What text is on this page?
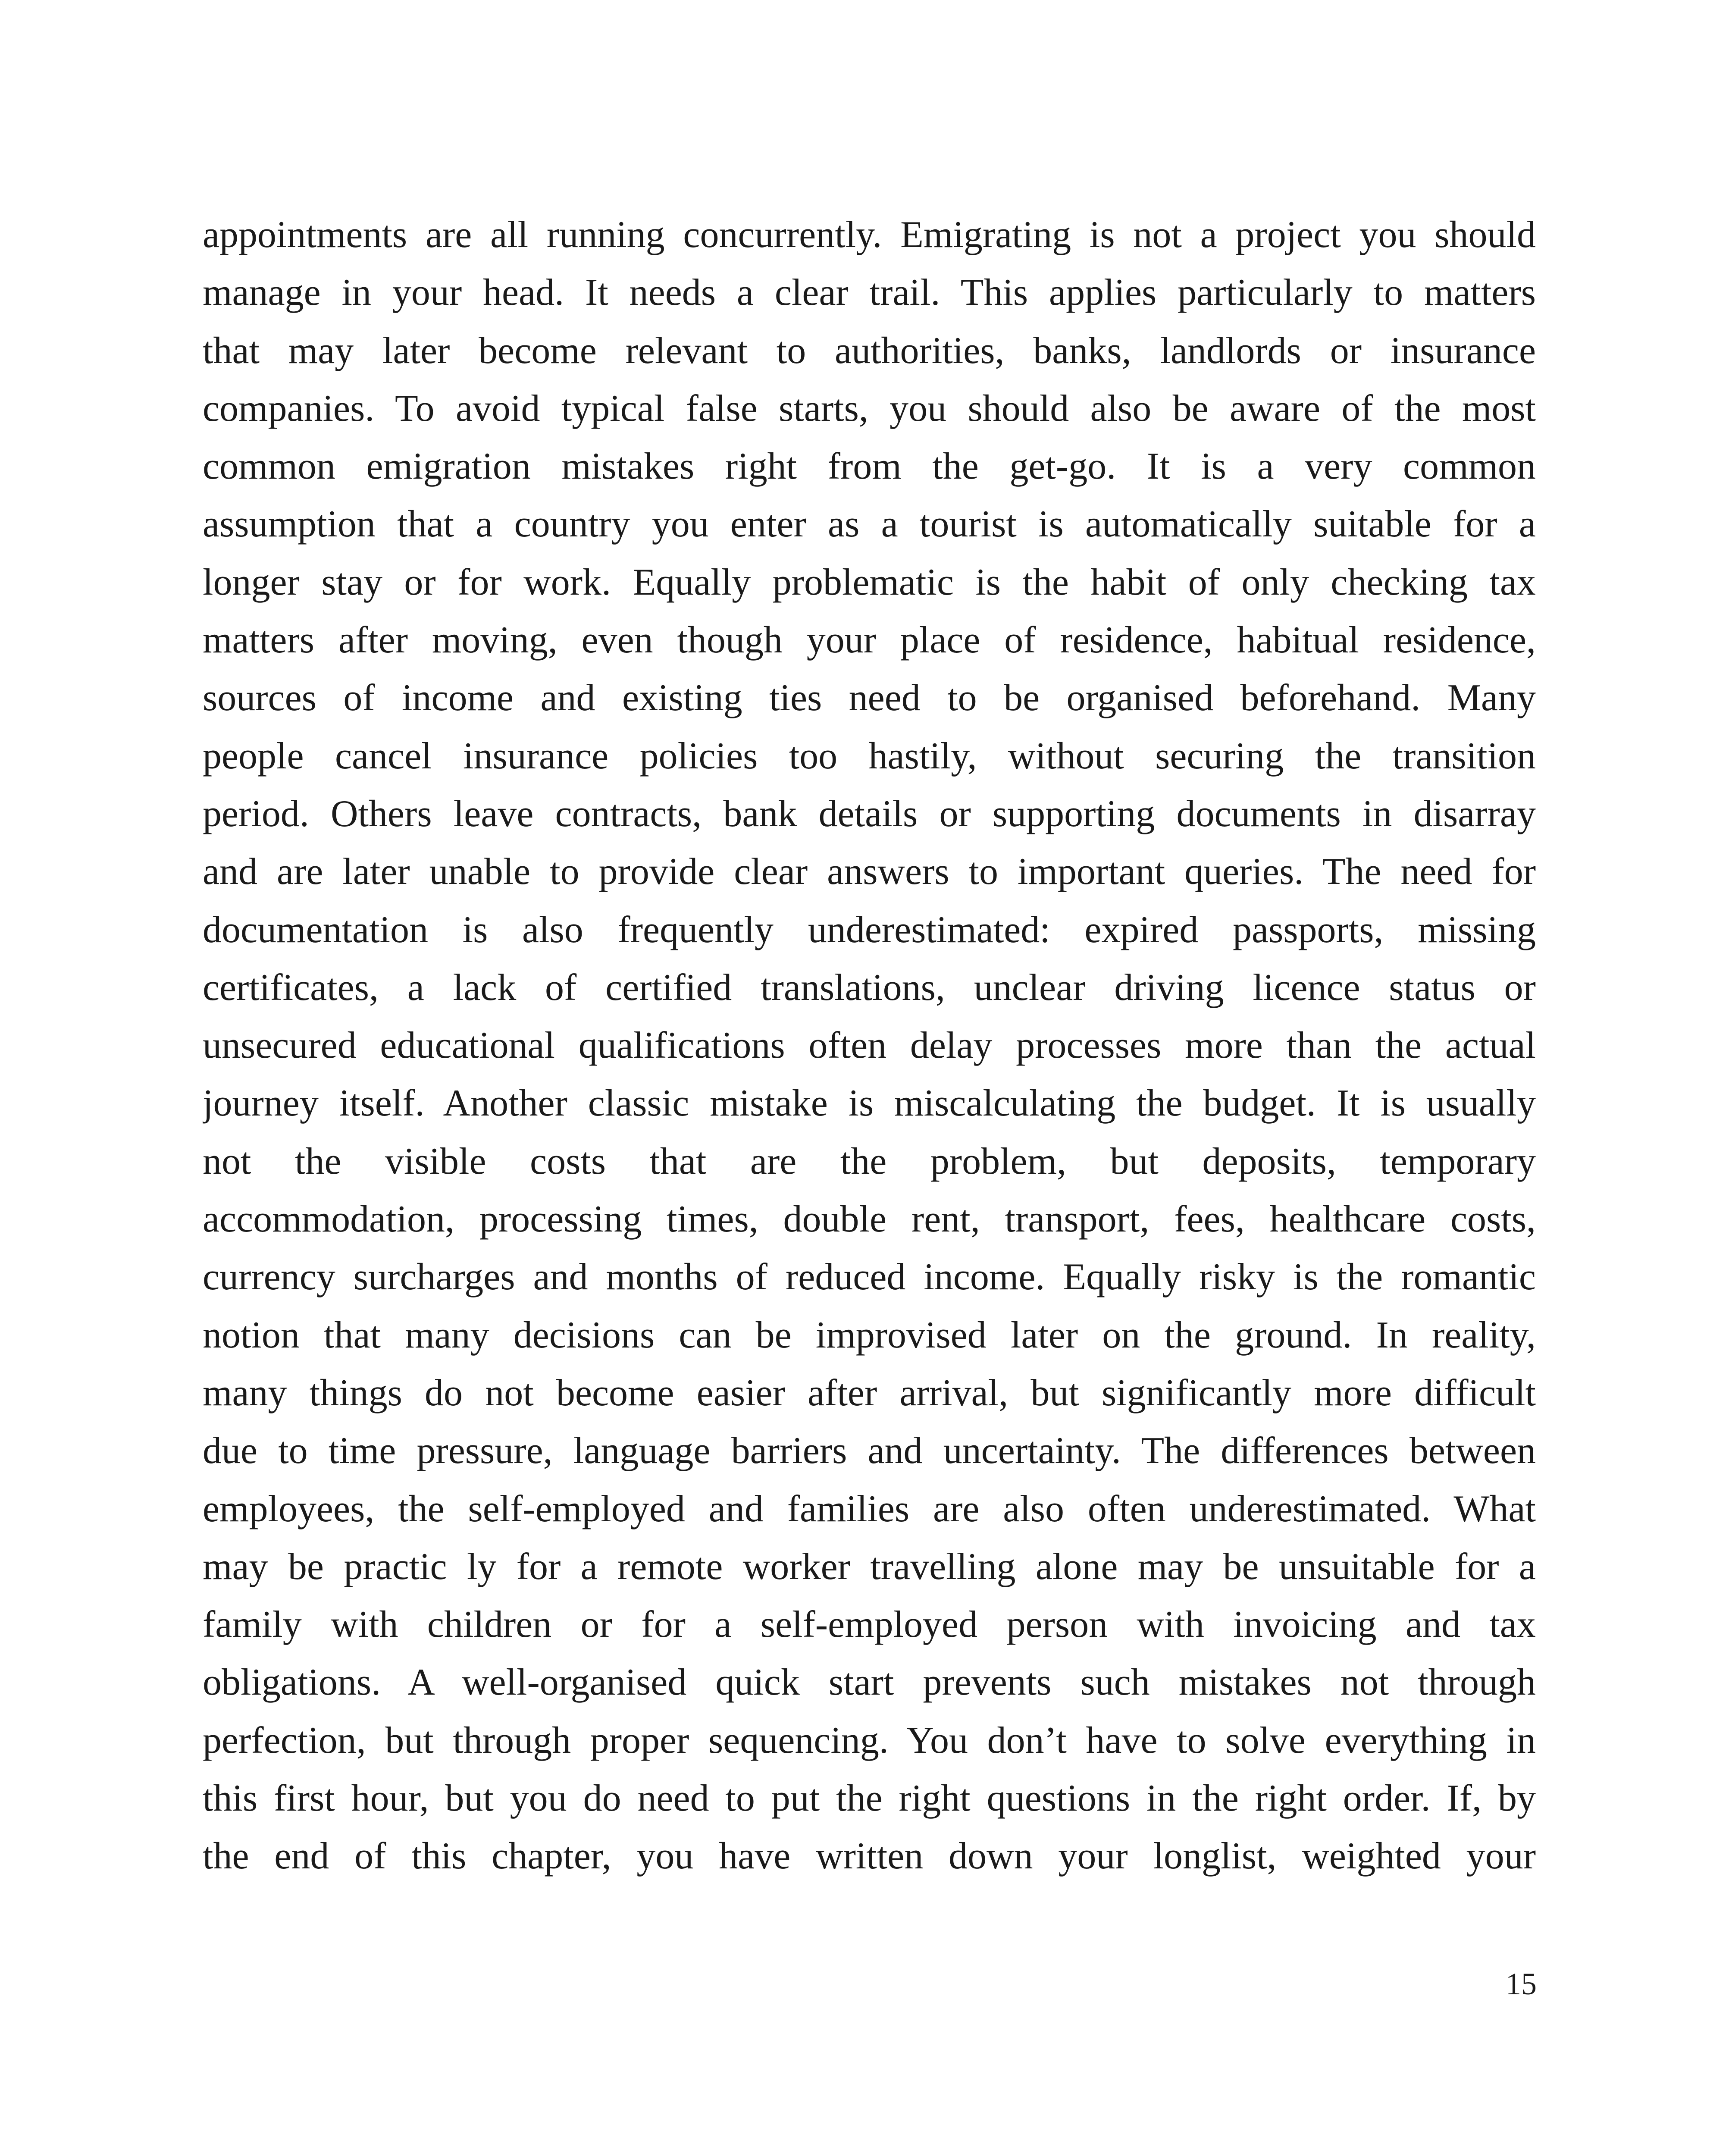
appointments are all running concurrently. Emigrating is not a project you should
manage in your head. It needs a clear trail. This applies particularly to matters
that may later become relevant to authorities, banks, landlords or insurance
companies. To avoid typical false starts, you should also be aware of the most
common emigration mistakes right from the get-go. It is a very common
assumption that a country you enter as a tourist is automatically suitable for a
longer stay or for work. Equally problematic is the habit of only checking tax
matters after moving, even though your place of residence, habitual residence,
sources of income and existing ties need to be organised beforehand. Many
people cancel insurance policies too hastily, without securing the transition
period. Others leave contracts, bank details or supporting documents in disarray
and are later unable to provide clear answers to important queries. The need for
documentation is also frequently underestimated: expired passports, missing
certificates, a lack of certified translations, unclear driving licence status or
unsecured educational qualifications often delay processes more than the actual
journey itself. Another classic mistake is miscalculating the budget. It is usually
not the visible costs that are the problem, but deposits, temporary
accommodation, processing times, double rent, transport, fees, healthcare costs,
currency surcharges and months of reduced income. Equally risky is the romantic
notion that many decisions can be improvised later on the ground. In reality,
many things do not become easier after arrival, but significantly more difficult
due to time pressure, language barriers and uncertainty. The differences between
employees, the self-employed and families are also often underestimated. What
may be practic ly for a remote worker travelling alone may be unsuitable for a
family with children or for a self-employed person with invoicing and tax
obligations. A well-organised quick start prevents such mistakes not through
perfection, but through proper sequencing. You don’t have to solve everything in
this first hour, but you do need to put the right questions in the right order. If, by
the end of this chapter, you have written down your longlist, weighted your
15
